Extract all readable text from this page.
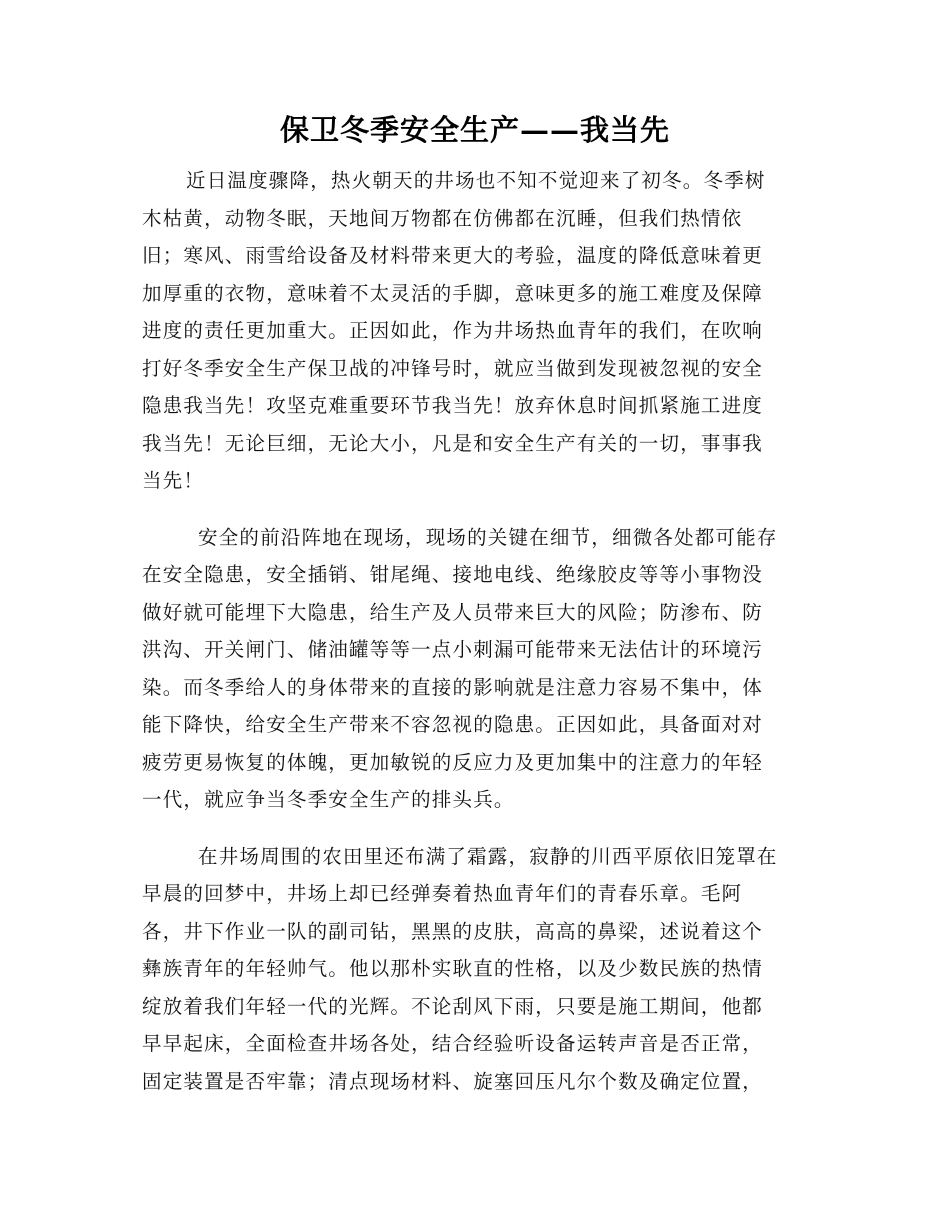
保卫冬季安全生产——我当先
近日温度骤降，热火朝天的井场也不知不觉迎来了初冬。冬季树
木枯黄，动物冬眠，天地间万物都在仿佛都在沉睡，但我们热情依
旧；寒风、雨雪给设备及材料带来更大的考验，温度的降低意味着更
加厚重的衣物，意味着不太灵活的手脚，意味更多的施工难度及保障
进度的责任更加重大。正因如此，作为井场热血青年的我们，在吹响
打好冬季安全生产保卫战的冲锋号时，就应当做到发现被忽视的安全
隐患我当先！攻坚克难重要环节我当先！放弃休息时间抓紧施工进度
我当先！无论巨细，无论大小，凡是和安全生产有关的一切，事事我
当先！
安全的前沿阵地在现场，现场的关键在细节，细微各处都可能存
在安全隐患，安全插销、钳尾绳、接地电线、绝缘胶皮等等小事物没
做好就可能埋下大隐患，给生产及人员带来巨大的风险；防渗布、防
洪沟、开关闸门、储油罐等等一点小刺漏可能带来无法估计的环境污
染。而冬季给人的身体带来的直接的影响就是注意力容易不集中，体
能下降快，给安全生产带来不容忽视的隐患。正因如此，具备面对对
疲劳更易恢复的体魄，更加敏锐的反应力及更加集中的注意力的年轻
一代，就应争当冬季安全生产的排头兵。
在井场周围的农田里还布满了霜露，寂静的川西平原依旧笼罩在
早晨的回梦中，井场上却已经弹奏着热血青年们的青春乐章。毛阿
各，井下作业一队的副司钻，黑黑的皮肤，高高的鼻梁，述说着这个
彝族青年的年轻帅气。他以那朴实耿直的性格，以及少数民族的热情
绽放着我们年轻一代的光辉。不论刮风下雨，只要是施工期间，他都
早早起床，全面检查井场各处，结合经验听设备运转声音是否正常，
固定装置是否牢靠；清点现场材料、旋塞回压凡尔个数及确定位置，
